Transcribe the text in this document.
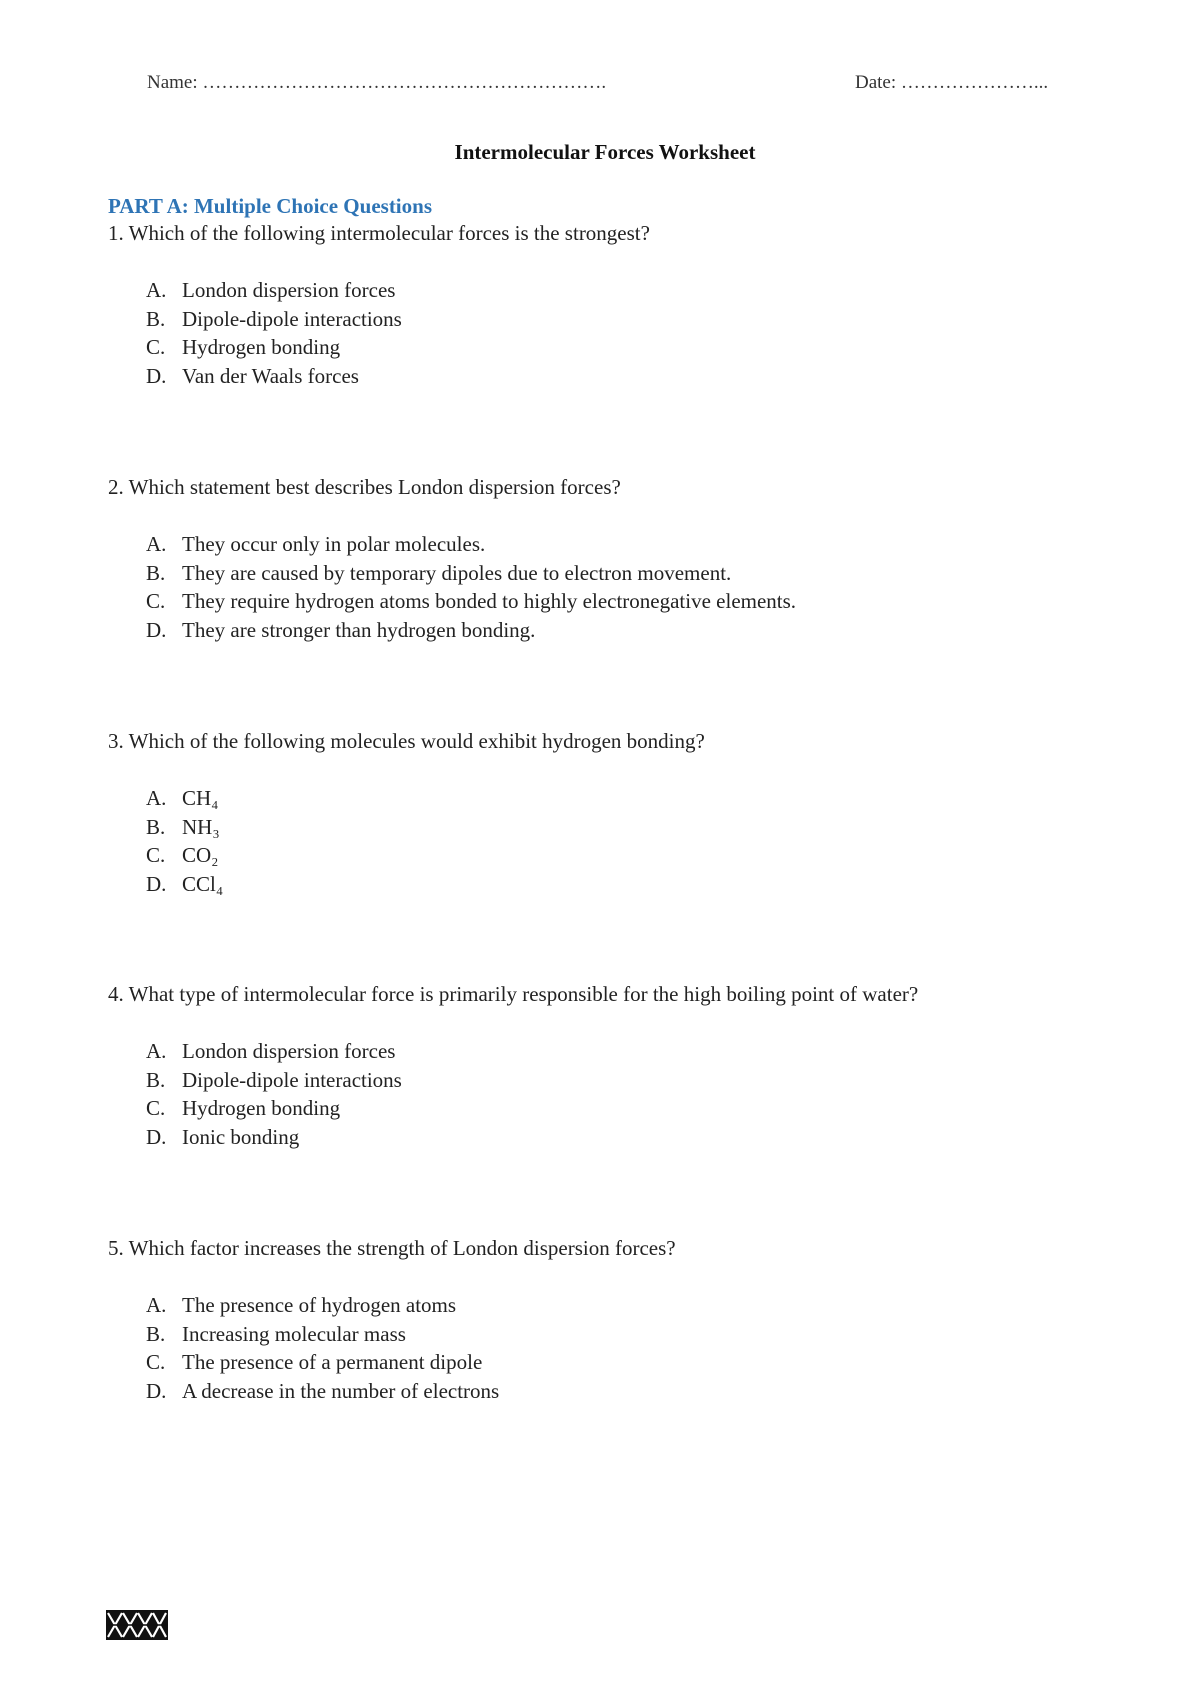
Name: ……………………………………………………….	Date: …………………...
Intermolecular Forces Worksheet
PART A: Multiple Choice Questions
1. Which of the following intermolecular forces is the strongest?
A. London dispersion forces
B. Dipole-dipole interactions
C. Hydrogen bonding
D. Van der Waals forces
2. Which statement best describes London dispersion forces?
A. They occur only in polar molecules.
B. They are caused by temporary dipoles due to electron movement.
C. They require hydrogen atoms bonded to highly electronegative elements.
D. They are stronger than hydrogen bonding.
3. Which of the following molecules would exhibit hydrogen bonding?
A. CH₄
B. NH₃
C. CO₂
D. CCl₄
4. What type of intermolecular force is primarily responsible for the high boiling point of water?
A. London dispersion forces
B. Dipole-dipole interactions
C. Hydrogen bonding
D. Ionic bonding
5. Which factor increases the strength of London dispersion forces?
A. The presence of hydrogen atoms
B. Increasing molecular mass
C. The presence of a permanent dipole
D. A decrease in the number of electrons
